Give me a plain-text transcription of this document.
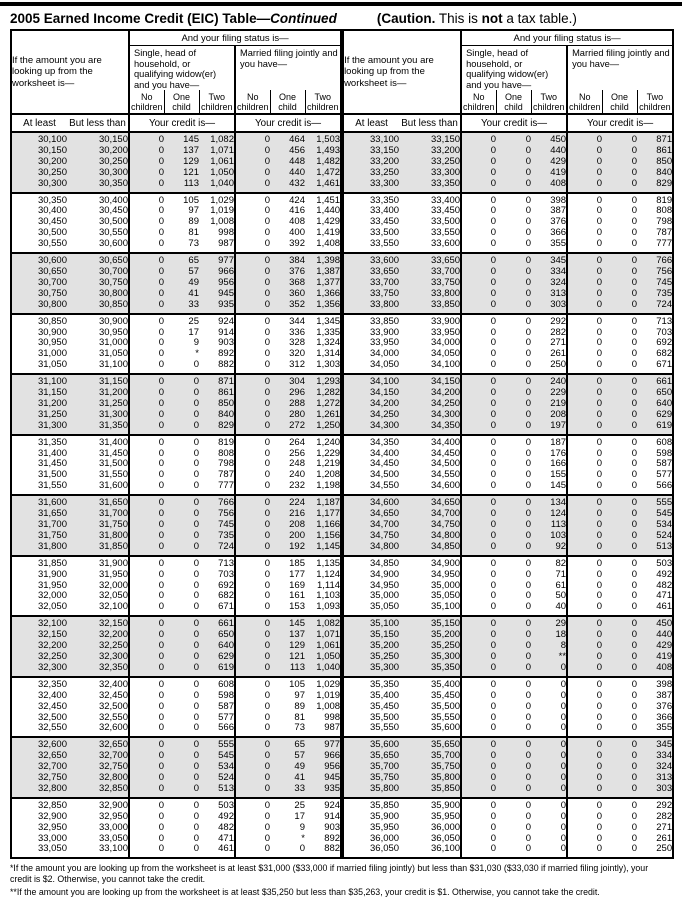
2005 Earned Income Credit (EIC) Table—Continued	(Caution. This is not a tax table.)
If the amount you are looking up from the worksheet is—		And your filing status is—					
		Single, head of household, or qualifying widow(er) and you have—			Married filing jointly and you have—		
		No children	One child	Two children	No children	One child	Two children
At least	But less than	Your credit is—			Your credit is—		
30,100	30,150	0	145	1,082	0	464	1,503
30,150	30,200	0	137	1,071	0	456	1,493
30,200	30,250	0	129	1,061	0	448	1,482
30,250	30,300	0	121	1,050	0	440	1,472
30,300	30,350	0	113	1,040	0	432	1,461
30,350	30,400	0	105	1,029	0	424	1,451
30,400	30,450	0	97	1,019	0	416	1,440
30,450	30,500	0	89	1,008	0	408	1,429
30,500	30,550	0	81	998	0	400	1,419
30,550	30,600	0	73	987	0	392	1,408
30,600	30,650	0	65	977	0	384	1,398
30,650	30,700	0	57	966	0	376	1,387
30,700	30,750	0	49	956	0	368	1,377
30,750	30,800	0	41	945	0	360	1,366
30,800	30,850	0	33	935	0	352	1,356
30,850	30,900	0	25	924	0	344	1,345
30,900	30,950	0	17	914	0	336	1,335
30,950	31,000	0	9	903	0	328	1,324
31,000	31,050	0	*	892	0	320	1,314
31,050	31,100	0	0	882	0	312	1,303
31,100	31,150	0	0	871	0	304	1,293
31,150	31,200	0	0	861	0	296	1,282
31,200	31,250	0	0	850	0	288	1,272
31,250	31,300	0	0	840	0	280	1,261
31,300	31,350	0	0	829	0	272	1,250
31,350	31,400	0	0	819	0	264	1,240
31,400	31,450	0	0	808	0	256	1,229
31,450	31,500	0	0	798	0	248	1,219
31,500	31,550	0	0	787	0	240	1,208
31,550	31,600	0	0	777	0	232	1,198
31,600	31,650	0	0	766	0	224	1,187
31,650	31,700	0	0	756	0	216	1,177
31,700	31,750	0	0	745	0	208	1,166
31,750	31,800	0	0	735	0	200	1,156
31,800	31,850	0	0	724	0	192	1,145
31,850	31,900	0	0	713	0	185	1,135
31,900	31,950	0	0	703	0	177	1,124
31,950	32,000	0	0	692	0	169	1,114
32,000	32,050	0	0	682	0	161	1,103
32,050	32,100	0	0	671	0	153	1,093
32,100	32,150	0	0	661	0	145	1,082
32,150	32,200	0	0	650	0	137	1,071
32,200	32,250	0	0	640	0	129	1,061
32,250	32,300	0	0	629	0	121	1,050
32,300	32,350	0	0	619	0	113	1,040
32,350	32,400	0	0	608	0	105	1,029
32,400	32,450	0	0	598	0	97	1,019
32,450	32,500	0	0	587	0	89	1,008
32,500	32,550	0	0	577	0	81	998
32,550	32,600	0	0	566	0	73	987
32,600	32,650	0	0	555	0	65	977
32,650	32,700	0	0	545	0	57	966
32,700	32,750	0	0	534	0	49	956
32,750	32,800	0	0	524	0	41	945
32,800	32,850	0	0	513	0	33	935
32,850	32,900	0	0	503	0	25	924
32,900	32,950	0	0	492	0	17	914
32,950	33,000	0	0	482	0	9	903
33,000	33,050	0	0	471	0	*	892
33,050	33,100	0	0	461	0	0	882
If the amount you are looking up from the worksheet is—		And your filing status is—					
		Single, head of household, or qualifying widow(er) and you have—			Married filing jointly and you have—		
		No children	One child	Two children	No children	One child	Two children
At least	But less than	Your credit is—			Your credit is—		
33,100	33,150	0	0	450	0	0	871
33,150	33,200	0	0	440	0	0	861
33,200	33,250	0	0	429	0	0	850
33,250	33,300	0	0	419	0	0	840
33,300	33,350	0	0	408	0	0	829
33,350	33,400	0	0	398	0	0	819
33,400	33,450	0	0	387	0	0	808
33,450	33,500	0	0	376	0	0	798
33,500	33,550	0	0	366	0	0	787
33,550	33,600	0	0	355	0	0	777
33,600	33,650	0	0	345	0	0	766
33,650	33,700	0	0	334	0	0	756
33,700	33,750	0	0	324	0	0	745
33,750	33,800	0	0	313	0	0	735
33,800	33,850	0	0	303	0	0	724
33,850	33,900	0	0	292	0	0	713
33,900	33,950	0	0	282	0	0	703
33,950	34,000	0	0	271	0	0	692
34,000	34,050	0	0	261	0	0	682
34,050	34,100	0	0	250	0	0	671
34,100	34,150	0	0	240	0	0	661
34,150	34,200	0	0	229	0	0	650
34,200	34,250	0	0	219	0	0	640
34,250	34,300	0	0	208	0	0	629
34,300	34,350	0	0	197	0	0	619
34,350	34,400	0	0	187	0	0	608
34,400	34,450	0	0	176	0	0	598
34,450	34,500	0	0	166	0	0	587
34,500	34,550	0	0	155	0	0	577
34,550	34,600	0	0	145	0	0	566
34,600	34,650	0	0	134	0	0	555
34,650	34,700	0	0	124	0	0	545
34,700	34,750	0	0	113	0	0	534
34,750	34,800	0	0	103	0	0	524
34,800	34,850	0	0	92	0	0	513
34,850	34,900	0	0	82	0	0	503
34,900	34,950	0	0	71	0	0	492
34,950	35,000	0	0	61	0	0	482
35,000	35,050	0	0	50	0	0	471
35,050	35,100	0	0	40	0	0	461
35,100	35,150	0	0	29	0	0	450
35,150	35,200	0	0	18	0	0	440
35,200	35,250	0	0	8	0	0	429
35,250	35,300	0	0	**	0	0	419
35,300	35,350	0	0	0	0	0	408
35,350	35,400	0	0	0	0	0	398
35,400	35,450	0	0	0	0	0	387
35,450	35,500	0	0	0	0	0	376
35,500	35,550	0	0	0	0	0	366
35,550	35,600	0	0	0	0	0	355
35,600	35,650	0	0	0	0	0	345
35,650	35,700	0	0	0	0	0	334
35,700	35,750	0	0	0	0	0	324
35,750	35,800	0	0	0	0	0	313
35,800	35,850	0	0	0	0	0	303
35,850	35,900	0	0	0	0	0	292
35,900	35,950	0	0	0	0	0	282
35,950	36,000	0	0	0	0	0	271
36,000	36,050	0	0	0	0	0	261
36,050	36,100	0	0	0	0	0	250

*If the amount you are looking up from the worksheet is at least $31,000 ($33,000 if married filing jointly) but less than $31,030 ($33,030 if married filing jointly), your credit is $2. Otherwise, you cannot take the credit.

**If the amount you are looking up from the worksheet is at least $35,250 but less than $35,263, your credit is $1. Otherwise, you cannot take the credit.
